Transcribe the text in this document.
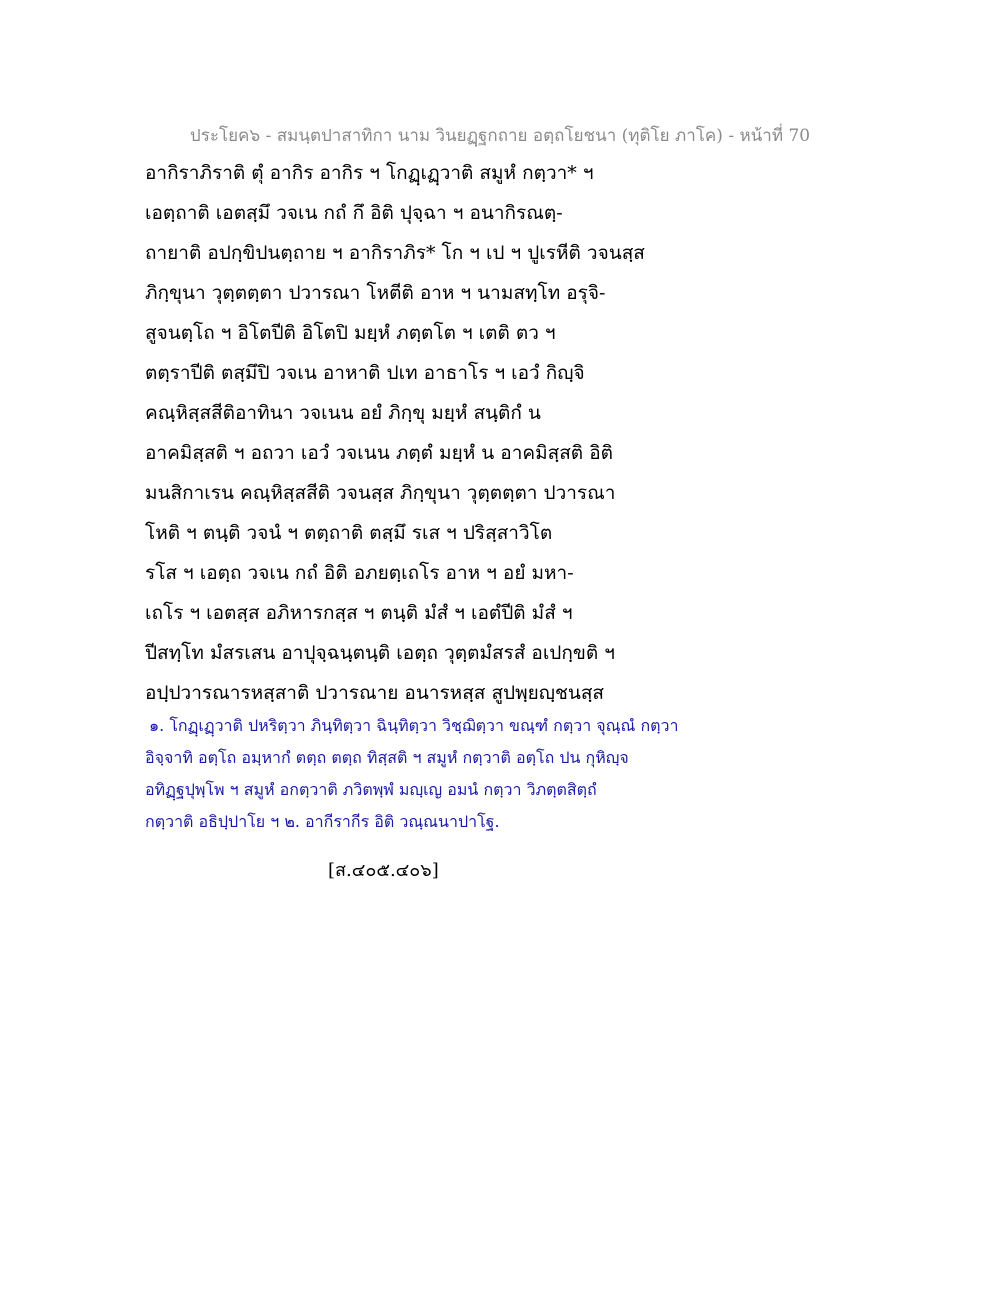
ประโยค๖ - สมนฺตปาสาทิกา นาม วินยฏฺฐกถาย อตฺถโยชนา (ทุติโย ภาโค) - หน้าที่ 70
อากิราภิราติ ตุํ อากิร อากิร ฯ โกฏฺเฏฺวาติ สมูหํ กตฺวา* ฯ
เอตฺถาติ เอตสฺมึ วจเน กถํ กึ อิติ ปุจฺฉา ฯ อนากิรณตฺ-
ถายาติ อปกฺขิปนตฺถาย ฯ อากิราภิร* โก ฯ เป ฯ ปูเรหีติ วจนสฺส
ภิกฺขุนา วุตฺตตฺตา ปวารณา โหตีติ อาห ฯ นามสทฺโท อรุจิ-
สูจนตฺโถ ฯ อิโตปีติ อิโตปิ มยฺหํ ภตฺตโต ฯ เตติ ตว ฯ
ตตฺราปีติ ตสฺมึปิ วจเน อาหาติ ปเท อาธาโร ฯ เอวํ กิญฺจิ
คณฺหิสฺสสีติอาทินา วจเนน อยํ ภิกฺขุ มยฺหํ สนฺติกํ น
อาคมิสฺสติ ฯ อถวา เอวํ วจเนน ภตฺตํ มยฺหํ น อาคมิสฺสติ อิติ
มนสิกาเรน คณฺหิสฺสสีติ วจนสฺส ภิกฺขุนา วุตฺตตฺตา ปวารณา
โหติ ฯ ตนฺติ วจนํ ฯ ตตฺถาติ ตสฺมึ รเส ฯ ปริสฺสาวิโต
รโส ฯ เอตฺถ วจเน กถํ อิติ อภยตฺเถโร อาห ฯ อยํ มหา-
เถโร ฯ เอตสฺส อภิหารกสฺส ฯ ตนฺติ มํสํ ฯ เอตํปีติ มํสํ ฯ
ปีสทฺโท มํสรเสน อาปุจฺฉนฺตนฺติ เอตฺถ วุตฺตมํสรสํ อเปกฺขติ ฯ
อปฺปวารณารหสฺสาติ ปวารณาย อนารหสฺส สูปพฺยญฺชนสฺส
๑. โกฏฺเฏฺวาติ ปหริตฺวา ภินฺทิตฺวา ฉินฺทิตฺวา วิชฺฌิตฺวา ขณฺฑํ กตฺวา จุณฺณํ กตฺวา
อิจฺจาทิ อตฺโถ อมฺหากํ ตตฺถ ตตฺถ ทิสฺสติ ฯ สมูหํ กตฺวาติ อตฺโถ ปน กุหิญฺจ
อทิฏฺฐปุพฺโพ ฯ สมูหํ อกตฺวาติ ภวิตพฺพํ มญฺเญ อมนํ กตฺวา วิภตฺตสิตฺถํ
กตฺวาติ อธิปฺปาโย ฯ ๒. อากีรากีร อิติ วณฺณนาปาโฐ.
[ส.๔๐๕.๔๐๖]
